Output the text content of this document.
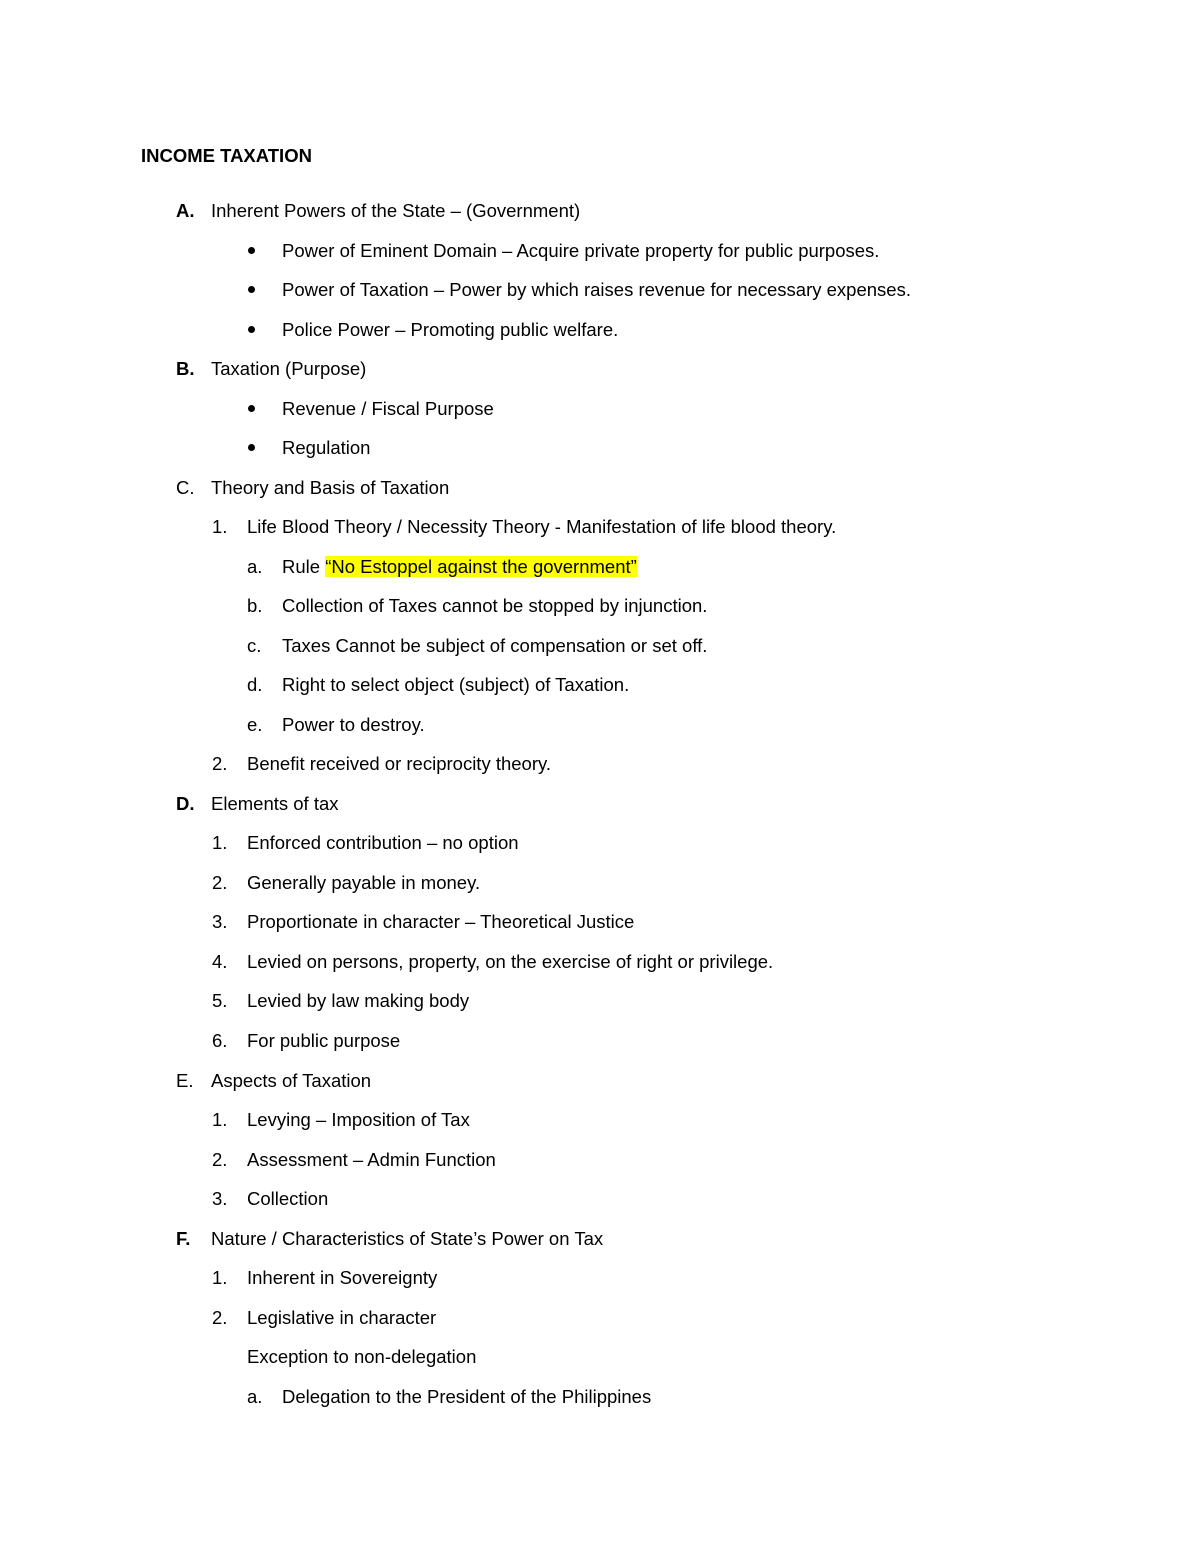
INCOME TAXATION
A. Inherent Powers of the State – (Government)
Power of Eminent Domain – Acquire private property for public purposes.
Power of Taxation – Power by which raises revenue for necessary expenses.
Police Power – Promoting public welfare.
B. Taxation (Purpose)
Revenue / Fiscal Purpose
Regulation
C. Theory and Basis of Taxation
1. Life Blood Theory / Necessity Theory - Manifestation of life blood theory.
a. Rule “No Estoppel against the government”
b. Collection of Taxes cannot be stopped by injunction.
c. Taxes Cannot be subject of compensation or set off.
d. Right to select object (subject) of Taxation.
e. Power to destroy.
2. Benefit received or reciprocity theory.
D. Elements of tax
1. Enforced contribution – no option
2. Generally payable in money.
3. Proportionate in character – Theoretical Justice
4. Levied on persons, property, on the exercise of right or privilege.
5. Levied by law making body
6. For public purpose
E. Aspects of Taxation
1. Levying – Imposition of Tax
2. Assessment – Admin Function
3. Collection
F. Nature / Characteristics of State’s Power on Tax
1. Inherent in Sovereignty
2. Legislative in character
Exception to non-delegation
a. Delegation to the President of the Philippines
